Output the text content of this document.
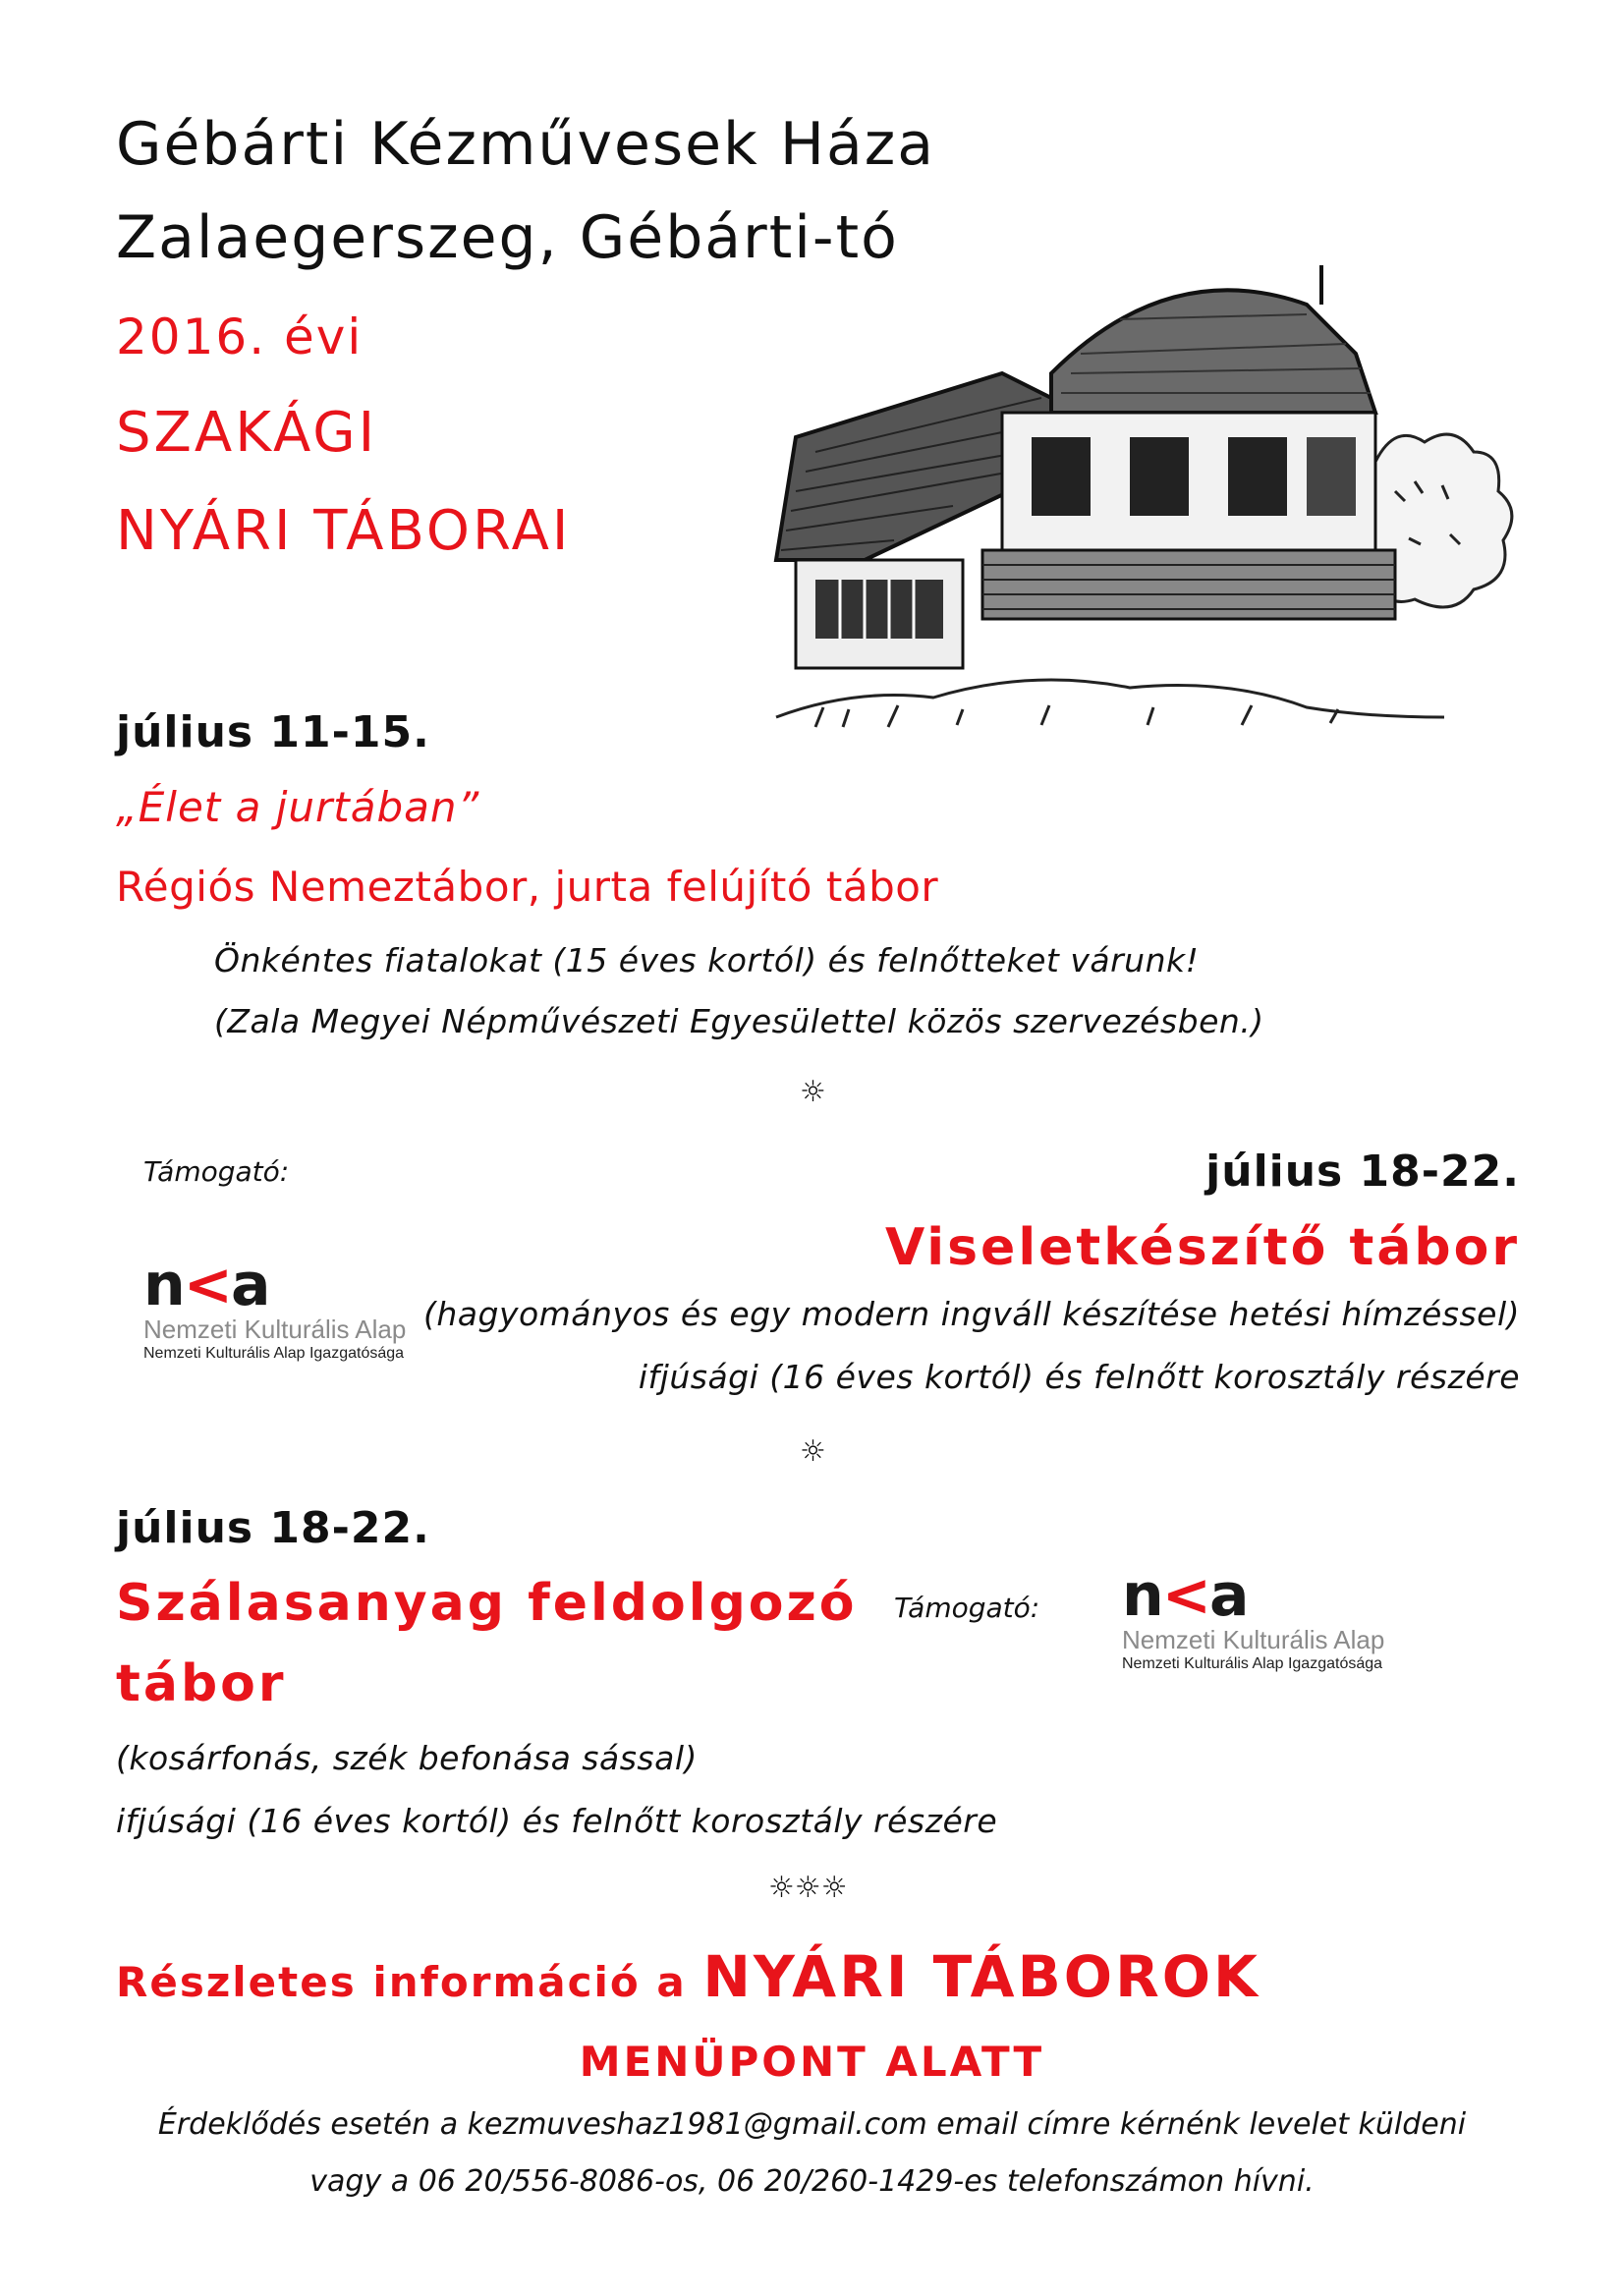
Gébárti Kézművesek Háza
Zalaegerszeg, Gébárti-tó
2016. évi
SZAKÁGI
NYÁRI TÁBORAI
július 11-15.
„Élet a jurtában”
Régiós Nemeztábor, jurta felújító tábor
Önkéntes fiatalokat (15 éves kortól) és felnőtteket várunk!
(Zala Megyei Népművészeti Egyesülettel közös szervezésben.)
☼
Támogató:	július 18-22.
n<a
Nemzeti Kulturális Alap
Nemzeti Kulturális Alap Igazgatósága
Viseletkészítő tábor
(hagyományos és egy modern ingváll készítése hetési hímzéssel)
ifjúsági (16 éves kortól) és felnőtt korosztály részére
☼
július 18-22.
Szálasanyag feldolgozó Támogató: n<a
Nemzeti Kulturális Alap
Nemzeti Kulturális Alap Igazgatósága
tábor
(kosárfonás, szék befonása sással)
ifjúsági (16 éves kortól) és felnőtt korosztály részére
☼☼☼
Részletes információ a NYÁRI TÁBOROK
MENÜPONT ALATT
Érdeklődés esetén a kezmuveshaz1981@gmail.com email címre kérnénk levelet küldeni
vagy a 06 20/556-8086-os, 06 20/260-1429-es telefonszámon hívni.
